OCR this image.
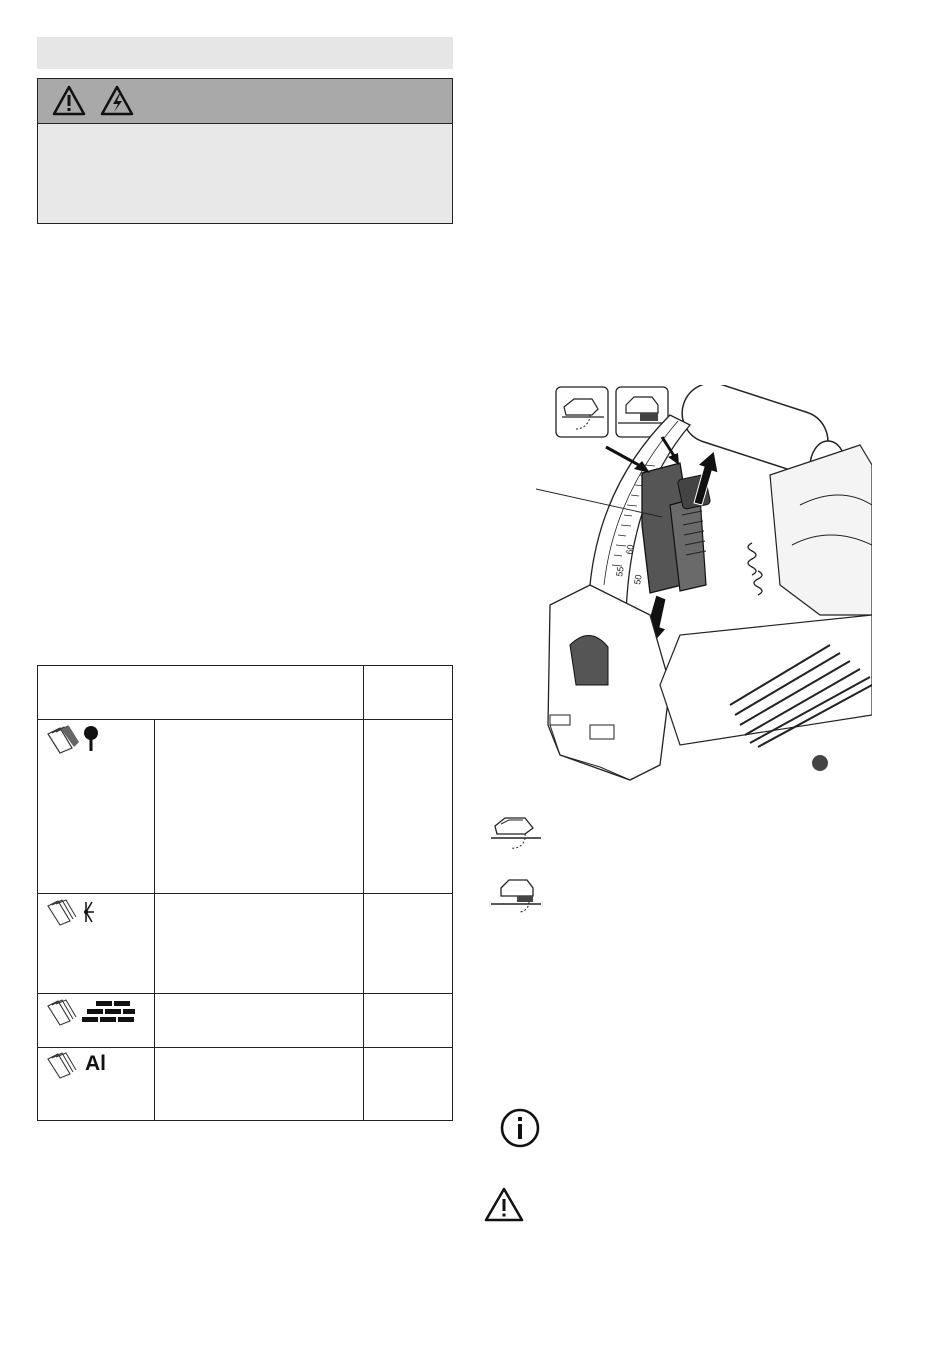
Al
60
50
55
